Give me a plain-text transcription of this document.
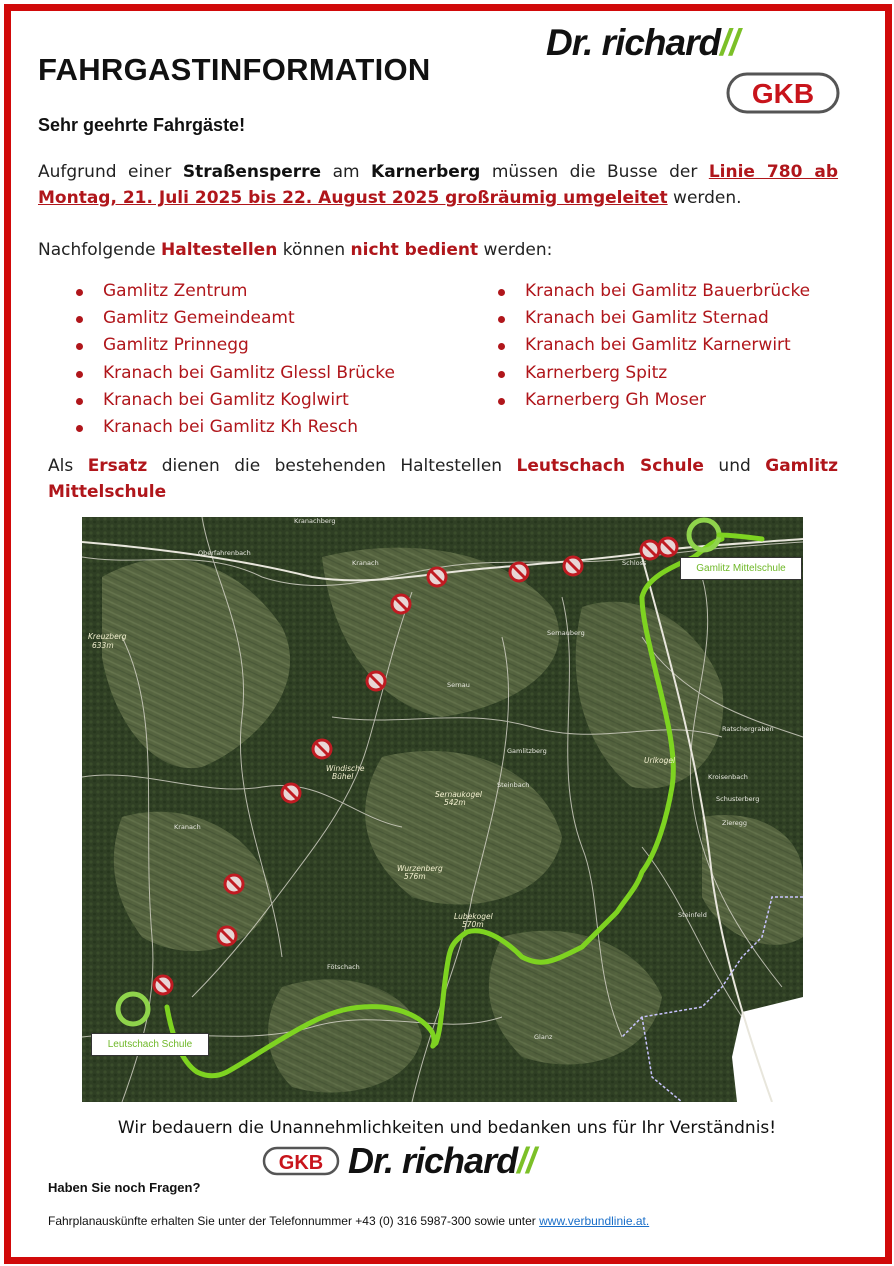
FAHRGASTINFORMATION
Dr. richard//
GKB
Sehr geehrte Fahrgäste!
Aufgrund einer Straßensperre am Karnerberg müssen die Busse der Linie 780 ab Montag, 21. Juli 2025 bis 22. August 2025 großräumig umgeleitet werden.
Nachfolgende Haltestellen können nicht bedient werden:
Gamlitz Zentrum
Gamlitz Gemeindeamt
Gamlitz Prinnegg
Kranach bei Gamlitz Glessl Brücke
Kranach bei Gamlitz Koglwirt
Kranach bei Gamlitz Kh Resch
Kranach bei Gamlitz Bauerbrücke
Kranach bei Gamlitz Sternad
Kranach bei Gamlitz Karnerwirt
Karnerberg Spitz
Karnerberg Gh Moser
Als Ersatz dienen die bestehenden Haltestellen Leutschach Schule und Gamlitz Mittelschule
Kreuzberg
633m
Kranachberg
Kranach
Kranach
Windische
Bühel
Sernau
Sernauberg
Gamlitzberg
Steinbach
Sernaukogel
542m
Wurzenberg
576m
Lubekogel
570m
Fötschach
Ratschergraben
Kroisenbach
Schusterberg
Oberfahrenbach
Urlkogel
Glanz
Schloss
Zieregg
Steinfeld
Gamlitz Mittelschule
Leutschach Schule
Wir bedauern die Unannehmlichkeiten und bedanken uns für Ihr Verständnis!
GKB Dr. richard//
Haben Sie noch Fragen?
Fahrplanauskünfte erhalten Sie unter der Telefonnummer +43 (0) 316 5987-300 sowie unter www.verbundlinie.at.
